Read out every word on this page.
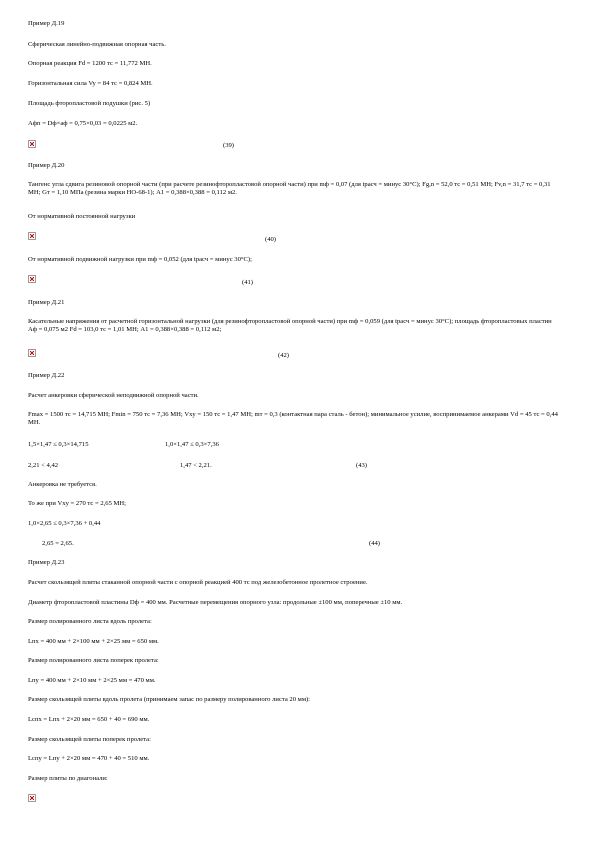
Пример Д.19
Сферическая линейно-подвижная опорная часть.
Опорная реакция Fd = 1200 тс = 11,772 МН.
Горизонтальная сила Vy = 84 тс = 0,824 МН.
Площадь фторопластовой подушки (рис. 5)
Aфп = Dф×aф = 0,75×0,03 = 0,0225 м2.
(39)
Пример Д.20
Тангенс угла сдвига резиновой опорной части (при расчете резинофторопластовой опорной части) при mф = 0,07 (для tрасч = минус 30°С); Fg,n = 52,0 тс = 0,51 МН; Fv,n = 31,7 тс = 0,31 МН; Gт = 1,10 МПа (резина марки НО-68-1); A1 = 0,388×0,388 = 0,112 м2.
От нормативной постоянной нагрузки
(40)
От нормативной подвижной нагрузки при mф = 0,052 (для tрасч = минус 30°С);
(41)
Пример Д.21
Касательные напряжения от расчетной горизонтальной нагрузки (для резинофторопластовой опорной части) при mф = 0,059 (для tрасч = минус 30°С); площадь фторопластовых пластин Aф = 0,075 м2 Fd = 103,0 тс = 1,01 МН; A1 = 0,388×0,388 = 0,112 м2;
(42)
Пример Д.22
Расчет анкеровки сферической неподвижной опорной части.
Fmax = 1500 тс = 14,715 МН; Fmin = 750 тс = 7,36 МН; Vxy = 150 тс = 1,47 МН; mт = 0,3 (контактная пара сталь - бетон); минимальное усилие, воспринимаемое анкерами Vd = 45 тс = 0,44 МН.
1,5×1,47 ≤ 0,3×14,715	1,0×1,47 ≤ 0,3×7,36
2,21 < 4,42	1,47 < 2,21.	(43)
Анкеровка не требуется.
То же при Vxy = 270 тс = 2,65 МН;
1,0×2,65 ≤ 0,3×7,36 + 0,44
2,65 = 2,65.	(44)
Пример Д.23
Расчет скользящей плиты стаканной опорной части с опорной реакцией 400 тс под железобетонное пролетное строение.
Диаметр фторопластовой пластины Dф = 400 мм. Расчетные перемещения опорного узла: продольные ±100 мм, поперечные ±10 мм.
Размер полированного листа вдоль пролета:
Lпх = 400 мм + 2×100 мм + 2×25 мм = 650 мм.
Размер полированного листа поперек пролета:
Lпу = 400 мм + 2×10 мм + 2×25 мм = 470 мм.
Размер скользящей плиты вдоль пролета (принимаем запас по размеру полированного листа 20 мм):
Lспх = Lпх + 2×20 мм = 650 + 40 = 690 мм.
Размер скользящей плиты поперек пролета:
Lспу = Lпу + 2×20 мм = 470 + 40 = 510 мм.
Размер плиты по диагонали:
